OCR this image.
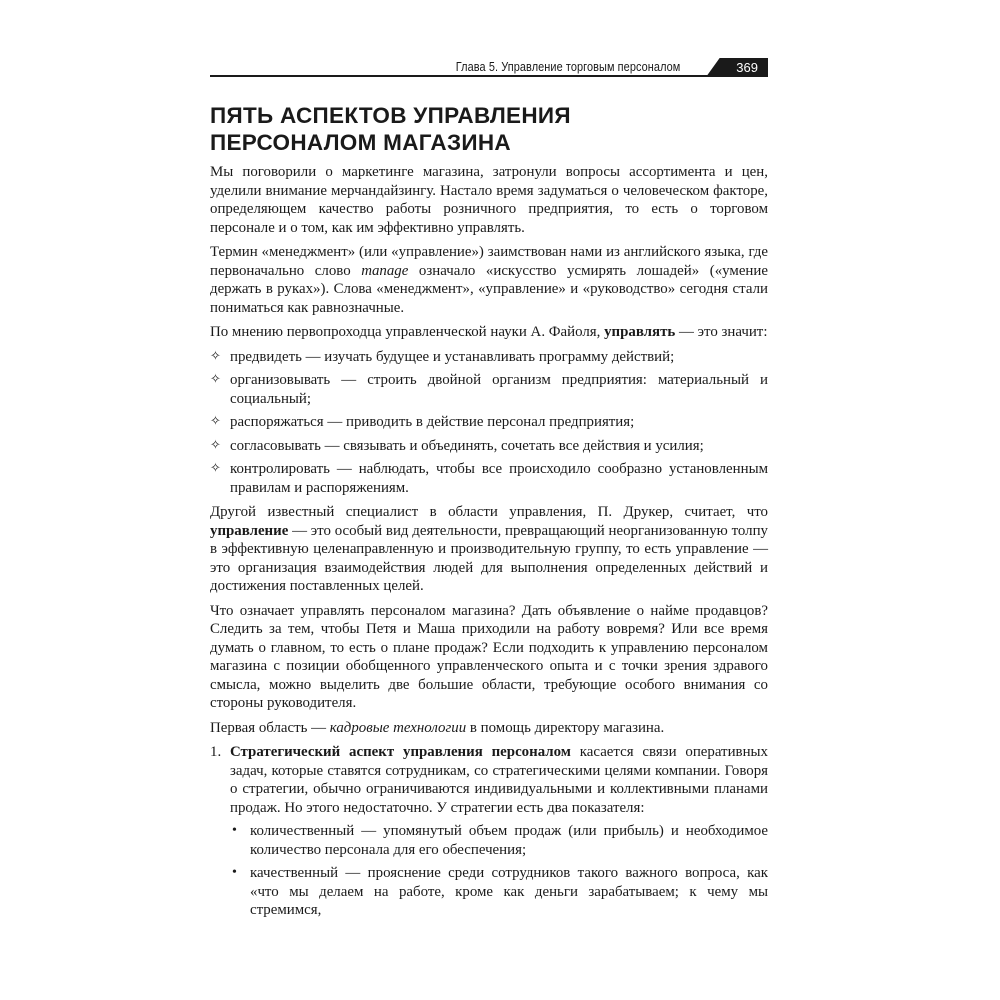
Глава 5. Управление торговым персоналом	369
ПЯТЬ АСПЕКТОВ УПРАВЛЕНИЯ
ПЕРСОНАЛОМ МАГАЗИНА

Мы поговорили о маркетинге магазина, затронули вопросы ассортимента и цен, уделили внимание мерчандайзингу. Настало время задуматься о человеческом факторе, определяющем качество работы розничного предприятия, то есть о торговом персонале и о том, как им эффективно управлять.

Термин «менеджмент» (или «управление») заимствован нами из английского языка, где первоначально слово manage означало «искусство усмирять лошадей» («умение держать в руках»). Слова «менеджмент», «управление» и «руководство» сегодня стали пониматься как равнозначные.

По мнению первопроходца управленческой науки А. Файоля, управлять — это значит:

✧ предвидеть — изучать будущее и устанавливать программу действий;
✧ организовывать — строить двойной организм предприятия: материальный и социальный;
✧ распоряжаться — приводить в действие персонал предприятия;
✧ согласовывать — связывать и объединять, сочетать все действия и усилия;
✧ контролировать — наблюдать, чтобы все происходило сообразно установленным правилам и распоряжениям.

Другой известный специалист в области управления, П. Друкер, считает, что управление — это особый вид деятельности, превращающий неорганизованную толпу в эффективную целенаправленную и производительную группу, то есть управление — это организация взаимодействия людей для выполнения определенных действий и достижения поставленных целей.

Что означает управлять персоналом магазина? Дать объявление о найме продавцов? Следить за тем, чтобы Петя и Маша приходили на работу вовремя? Или все время думать о главном, то есть о плане продаж? Если подходить к управлению персоналом магазина с позиции обобщенного управленческого опыта и с точки зрения здравого смысла, можно выделить две большие области, требующие особого внимания со стороны руководителя.

Первая область — кадровые технологии в помощь директору магазина.

1. Стратегический аспект управления персоналом касается связи оперативных задач, которые ставятся сотрудникам, со стратегическими целями компании. Говоря о стратегии, обычно ограничиваются индивидуальными и коллективными планами продаж. Но этого недостаточно. У стратегии есть два показателя:
• количественный — упомянутый объем продаж (или прибыль) и необходимое количество персонала для его обеспечения;
• качественный — прояснение среди сотрудников такого важного вопроса, как «что мы делаем на работе, кроме как деньги зарабатываем; к чему мы стремимся,
